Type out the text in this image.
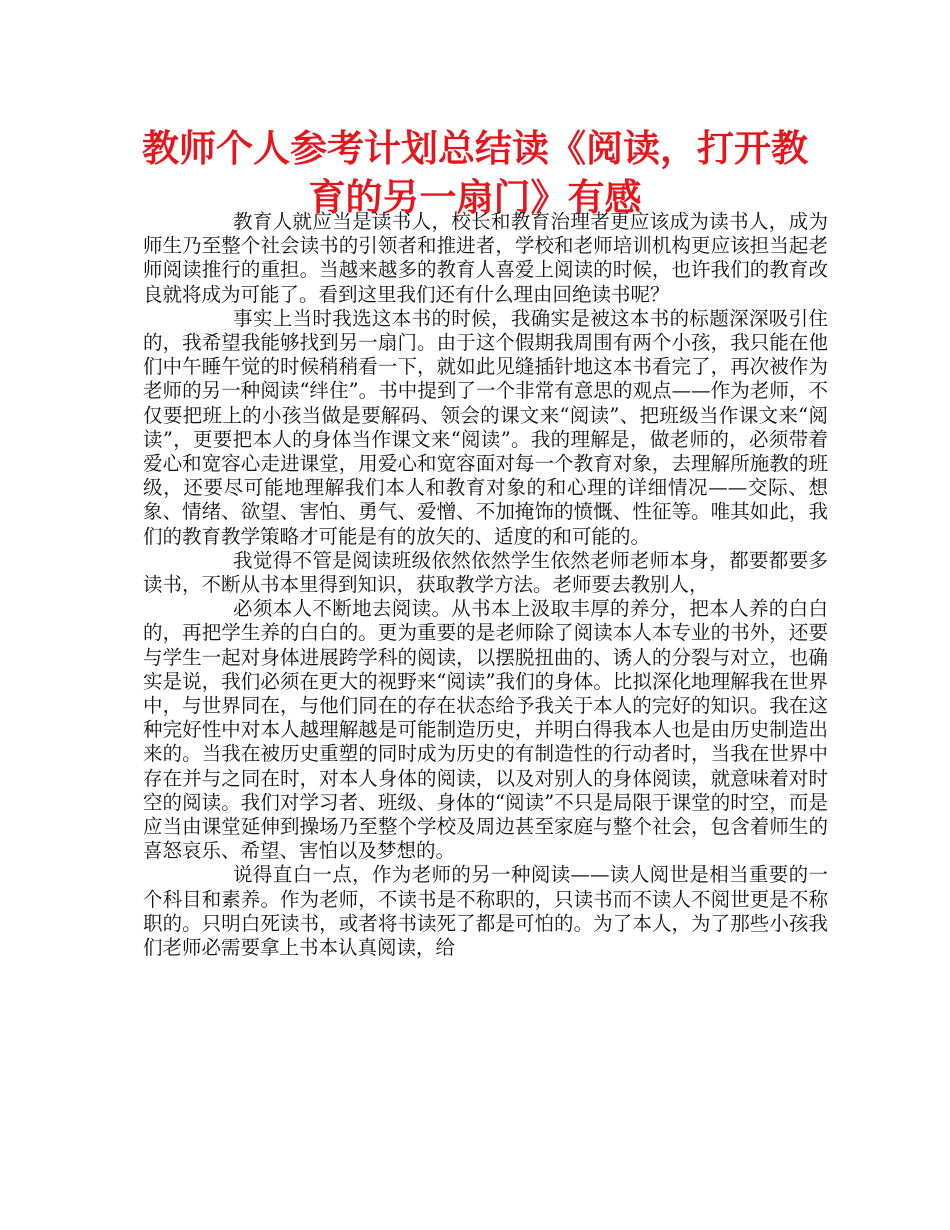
教师个人参考计划总结读《阅读，打开教育的另一扇门》有感

教育人就应当是读书人，校长和教育治理者更应该成为读书人，成为师生乃至整个社会读书的引领者和推进者，学校和老师培训机构更应该担当起老师阅读推行的重担。当越来越多的教育人喜爱上阅读的时候，也许我们的教育改良就将成为可能了。看到这里我们还有什么理由回绝读书呢？

事实上当时我选这本书的时候，我确实是被这本书的标题深深吸引住的，我希望我能够找到另一扇门。由于这个假期我周围有两个小孩，我只能在他们中午睡午觉的时候稍稍看一下，就如此见缝插针地这本书看完了，再次被作为老师的另一种阅读“绊住”。书中提到了一个非常有意思的观点——作为老师，不仅要把班上的小孩当做是要解码、领会的课文来“阅读”、把班级当作课文来“阅读”，更要把本人的身体当作课文来“阅读”。我的理解是，做老师的，必须带着爱心和宽容心走进课堂，用爱心和宽容面对每一个教育对象，去理解所施教的班级，还要尽可能地理解我们本人和教育对象的和心理的详细情况——交际、想象、情绪、欲望、害怕、勇气、爱憎、不加掩饰的愤慨、性征等。唯其如此，我们的教育教学策略才可能是有的放矢的、适度的和可能的。

我觉得不管是阅读班级依然依然学生依然老师老师本身，都要都要多读书，不断从书本里得到知识，获取教学方法。老师要去教别人，

必须本人不断地去阅读。从书本上汲取丰厚的养分，把本人养的白白的，再把学生养的白白的。更为重要的是老师除了阅读本人本专业的书外，还要与学生一起对身体进展跨学科的阅读，以摆脱扭曲的、诱人的分裂与对立，也确实是说，我们必须在更大的视野来“阅读”我们的身体。比拟深化地理解我在世界中，与世界同在，与他们同在的存在状态给予我关于本人的完好的知识。我在这种完好性中对本人越理解越是可能制造历史，并明白得我本人也是由历史制造出来的。当我在被历史重塑的同时成为历史的有制造性的行动者时，当我在世界中存在并与之同在时，对本人身体的阅读，以及对别人的身体阅读，就意味着对时空的阅读。我们对学习者、班级、身体的“阅读”不只是局限于课堂的时空，而是应当由课堂延伸到操场乃至整个学校及周边甚至家庭与整个社会，包含着师生的喜怒哀乐、希望、害怕以及梦想的。

说得直白一点，作为老师的另一种阅读——读人阅世是相当重要的一个科目和素养。作为老师，不读书是不称职的，只读书而不读人不阅世更是不称职的。只明白死读书，或者将书读死了都是可怕的。为了本人，为了那些小孩我们老师必需要拿上书本认真阅读，给
